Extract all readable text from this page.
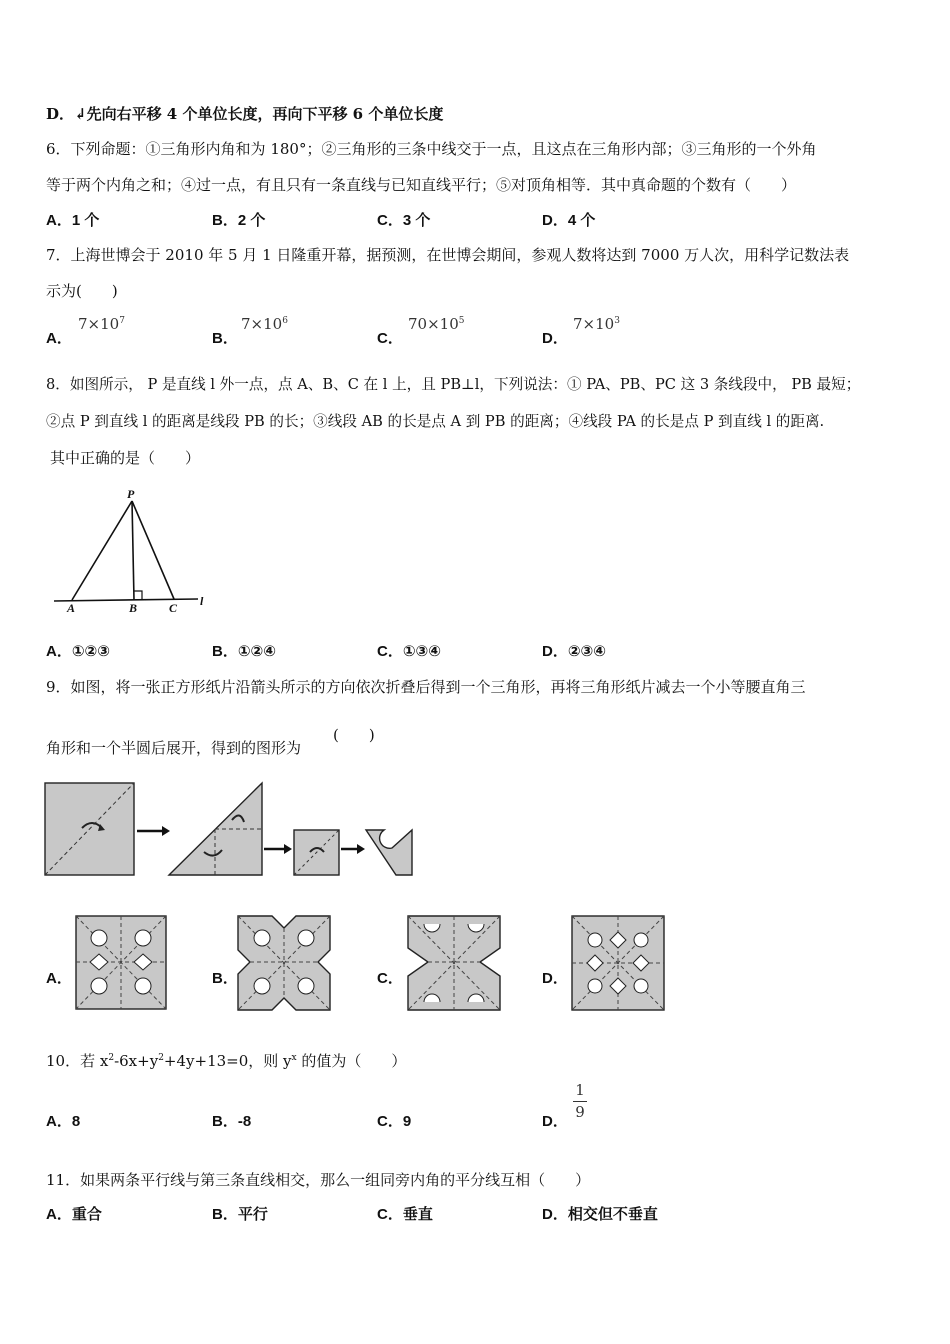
D．↲先向右平移 4 个单位长度，再向下平移 6 个单位长度
6．下列命题：①三角形内角和为 180°；②三角形的三条中线交于一点，且这点在三角形内部；③三角形的一个外角
等于两个内角之和；④过一点，有且只有一条直线与已知直线平行；⑤对顶角相等．其中真命题的个数有（　　）
A．1 个	B．2 个	C．3 个	D．4 个
7．上海世博会于 2010 年 5 月 1 日隆重开幕，据预测，在世博会期间，参观人数将达到 7000 万人次，用科学记数法表
示为(　　)
A．
$7\times 10^7$
B．
$7\times 10^6$
C．
$70\times 10^5$
D．
$7\times 10^3$
8．如图所示， P 是直线 l 外一点，点 A、B、C 在 l 上，且 PB⊥l，下列说法：① PA、PB、PC 这 3 条线段中， PB 最短；
②点 P 到直线 l 的距离是线段 PB 的长；③线段 AB 的长是点 A 到 PB 的距离；④线段 PA 的长是点 P 到直线 l 的距离.
其中正确的是（　　）
P
A	B	C l
A．①②③	B．①②④	C．①③④	D．②③④
9．如图，将一张正方形纸片沿箭头所示的方向依次折叠后得到一个三角形，再将三角形纸片减去一个小等腰直角三
角形和一个半圆后展开，得到的图形为
(　　)
A．	B．	C．	D．
10．若 $x^2-6x+y^2+4y+13=0$，则 $y^x$ 的值为（　　）
A．8	B．-8	C．9	D．
$\frac{1}{9}$
11．如果两条平行线与第三条直线相交，那么一组同旁内角的平分线互相（　　）
A．重合	B．平行	C．垂直	D．相交但不垂直
